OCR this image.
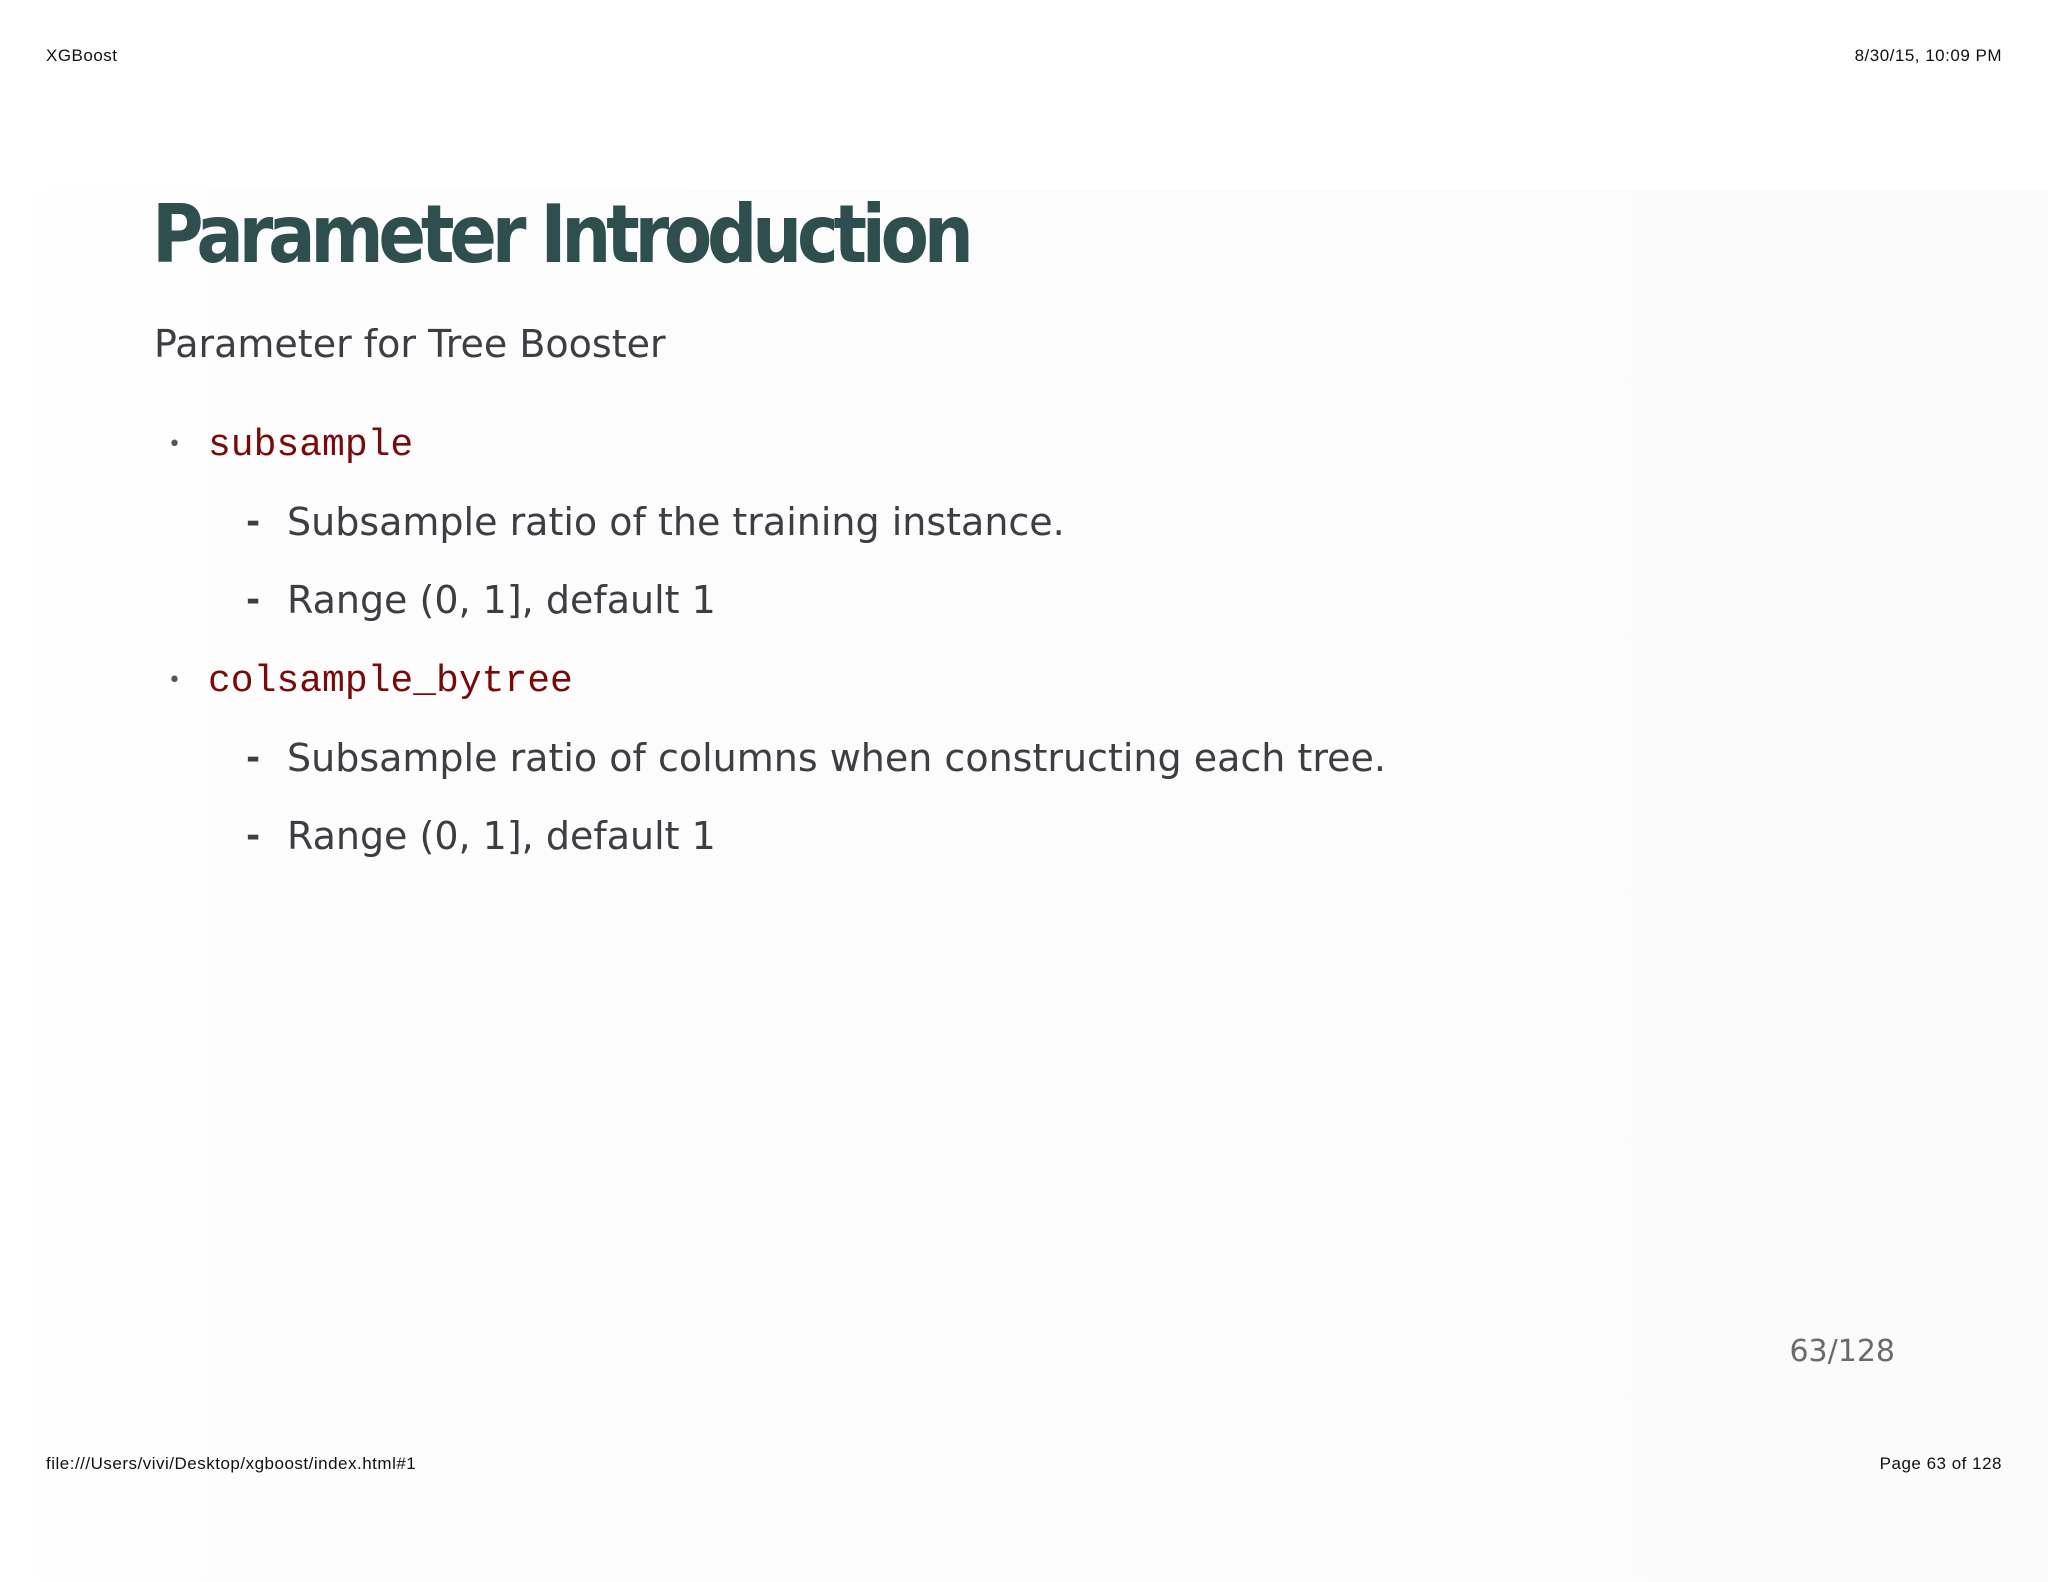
XGBoost	8/30/15, 10:09 PM
Parameter Introduction
Parameter for Tree Booster
• subsample
- Subsample ratio of the training instance.
- Range (0, 1], default 1
• colsample_bytree
- Subsample ratio of columns when constructing each tree.
- Range (0, 1], default 1
63/128
file:///Users/vivi/Desktop/xgboost/index.html#1	Page 63 of 128
